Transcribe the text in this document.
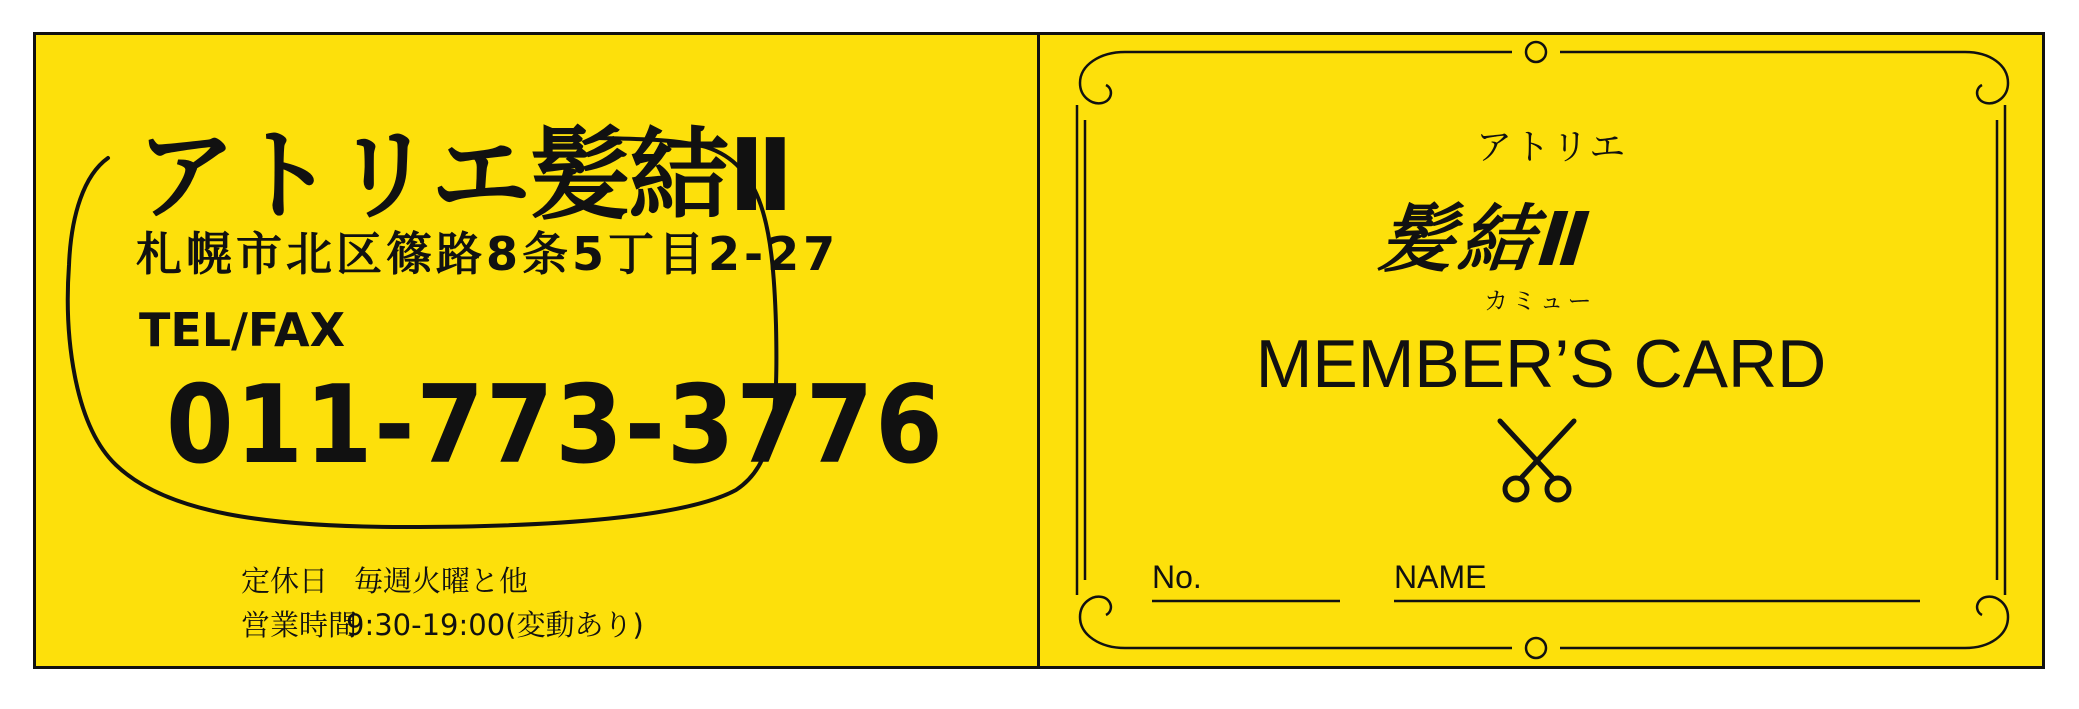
アトリエ髪結Ⅱ
札幌市北区篠路8条5丁目2-27
TEL/FAX
011-773-3776
定休日 毎週火曜と他
営業時間
9:30-19:00(変動あり)
アトリエ
髪結Ⅱ
カミュー
MEMBER’S CARD
No.	NAME
